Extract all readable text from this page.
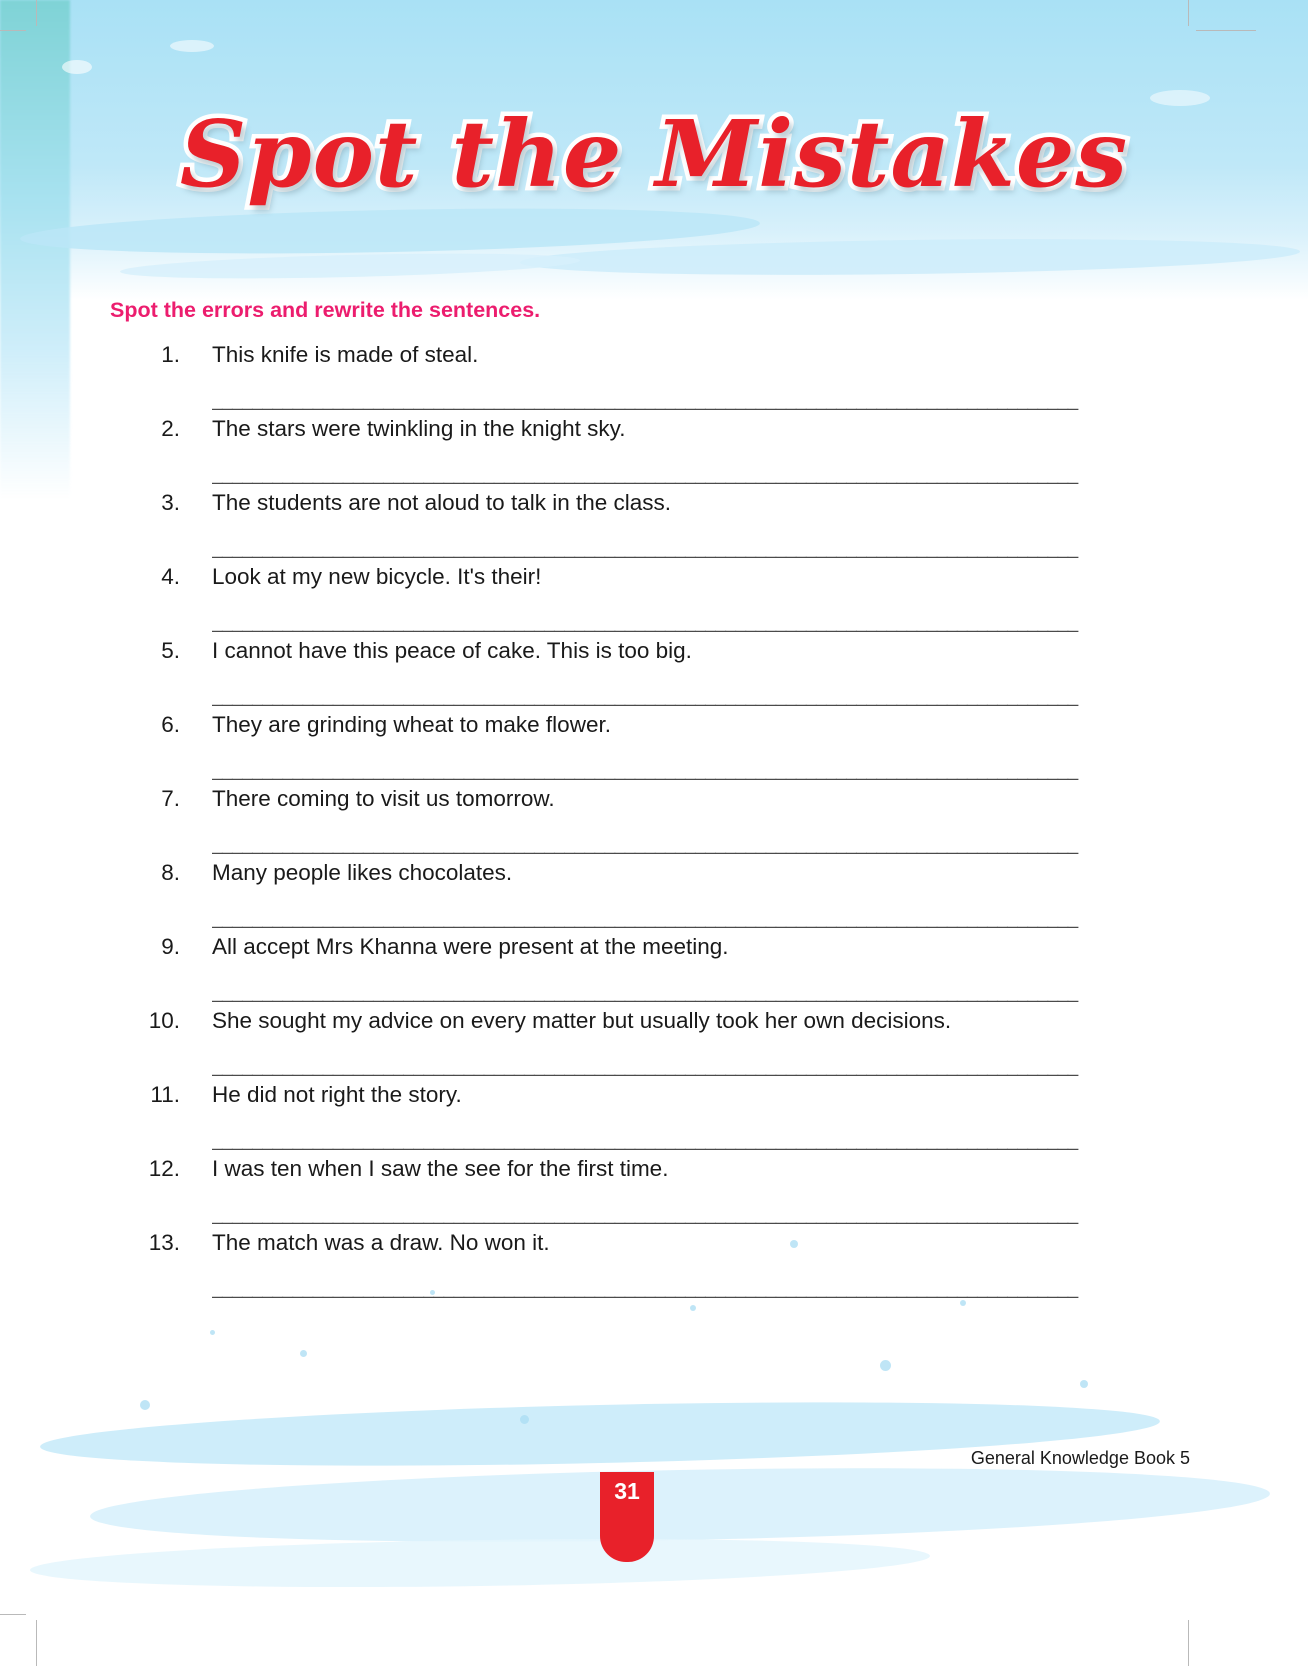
Spot the Mistakes
Spot the errors and rewrite the sentences.
1. This knife is made of steal.
______________________________________________________________________________________
2. The stars were twinkling in the knight sky.
______________________________________________________________________________________
3. The students are not aloud to talk in the class.
______________________________________________________________________________________
4. Look at my new bicycle. It's their!
______________________________________________________________________________________
5. I cannot have this peace of cake. This is too big.
______________________________________________________________________________________
6. They are grinding wheat to make flower.
______________________________________________________________________________________
7. There coming to visit us tomorrow.
______________________________________________________________________________________
8. Many people likes chocolates.
______________________________________________________________________________________
9. All accept Mrs Khanna were present at the meeting.
______________________________________________________________________________________
10. She sought my advice on every matter but usually took her own decisions.
______________________________________________________________________________________
11. He did not right the story.
______________________________________________________________________________________
12. I was ten when I saw the see for the first time.
______________________________________________________________________________________
13. The match was a draw. No won it.
______________________________________________________________________________________
General Knowledge Book 5
31
